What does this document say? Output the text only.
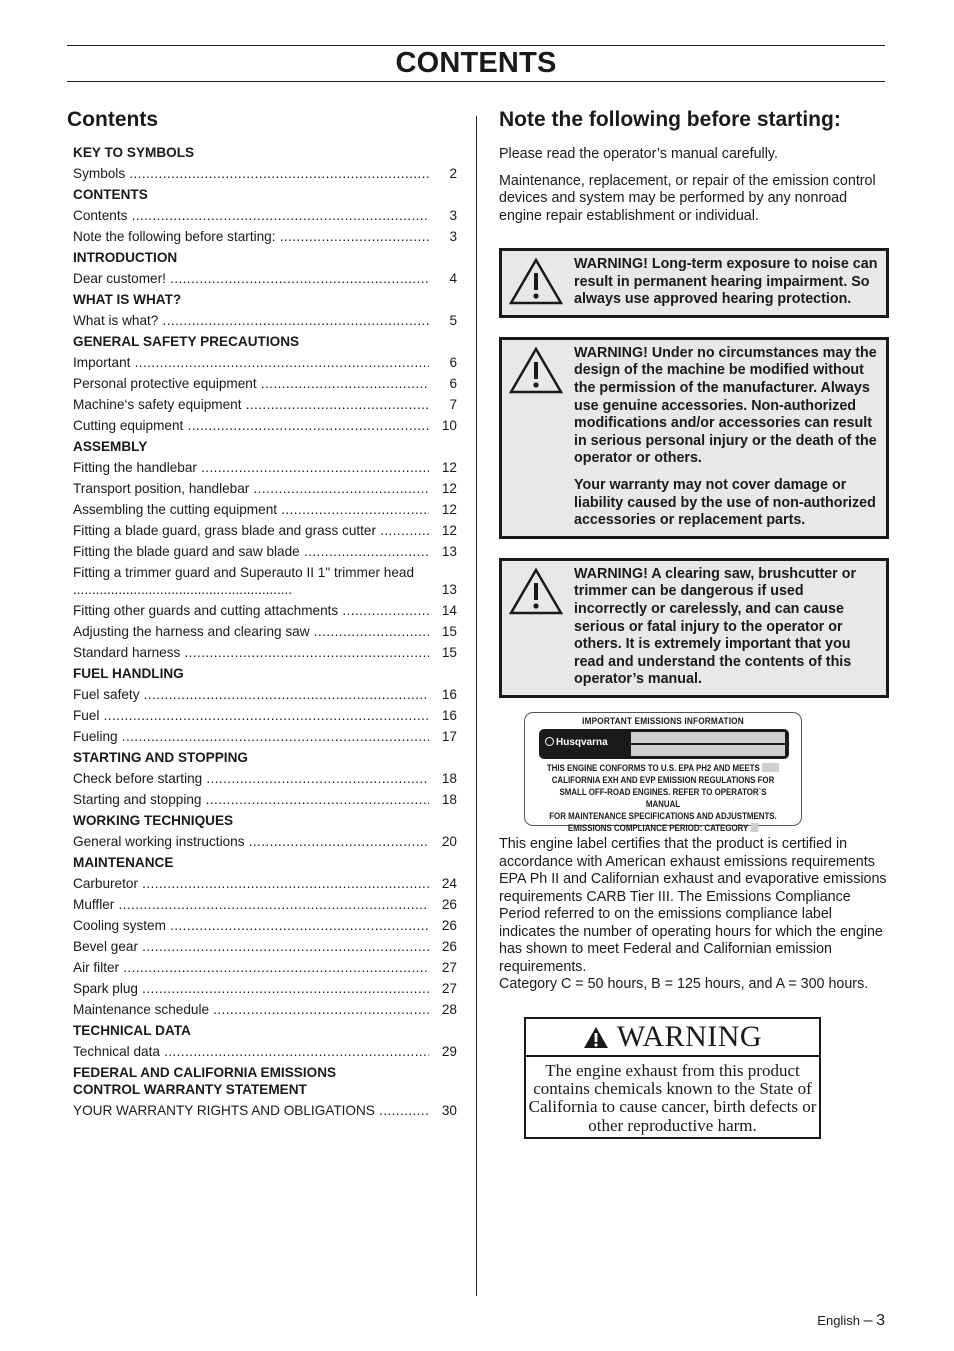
CONTENTS
Contents
KEY TO SYMBOLS
Symbols .....	2
CONTENTS
Contents .....	3
Note the following before starting: .....	3
INTRODUCTION
Dear customer! .....	4
WHAT IS WHAT?
What is what? .....	5
GENERAL SAFETY PRECAUTIONS
Important .....	6
Personal protective equipment .....	6
Machine‘s safety equipment .....	7
Cutting equipment .....	10
ASSEMBLY
Fitting the handlebar .....	12
Transport position, handlebar .....	12
Assembling the cutting equipment .....	12
Fitting a blade guard, grass blade and grass cutter .....	12
Fitting the blade guard and saw blade .....	13
Fitting a trimmer guard and Superauto II 1" trimmer head ..........................................................	13
Fitting other guards and cutting attachments .....	14
Adjusting the harness and clearing saw .....	15
Standard harness .....	15
FUEL HANDLING
Fuel safety .....	16
Fuel .....	16
Fueling .....	17
STARTING AND STOPPING
Check before starting .....	18
Starting and stopping .....	18
WORKING TECHNIQUES
General working instructions .....	20
MAINTENANCE
Carburetor .....	24
Muffler .....	26
Cooling system .....	26
Bevel gear .....	26
Air filter .....	27
Spark plug .....	27
Maintenance schedule .....	28
TECHNICAL DATA
Technical data .....	29
FEDERAL AND CALIFORNIA EMISSIONS CONTROL WARRANTY STATEMENT
YOUR WARRANTY RIGHTS AND OBLIGATIONS .....	30
Note the following before starting:

Please read the operator’s manual carefully.

Maintenance, replacement, or repair of the emission control devices and system may be performed by any nonroad engine repair establishment or individual.

WARNING! Long-term exposure to noise can result in permanent hearing impairment. So always use approved hearing protection.

WARNING! Under no circumstances may the design of the machine be modified without the permission of the manufacturer. Always use genuine accessories. Non-authorized modifications and/or accessories can result in serious personal injury or the death of the operator or others.

Your warranty may not cover damage or liability caused by the use of non-authorized accessories or replacement parts.

WARNING! A clearing saw, brushcutter or trimmer can be dangerous if used incorrectly or carelessly, and can cause serious or fatal injury to the operator or others. It is extremely important that you read and understand the contents of this operator’s manual.

IMPORTANT EMISSIONS INFORMATION
Husqvarna
THIS ENGINE CONFORMS TO U.S. EPA PH2 AND MEETS
CALIFORNIA EXH AND EVP EMISSION REGULATIONS FOR
SMALL OFF-ROAD ENGINES. REFER TO OPERATOR`S MANUAL
FOR MAINTENANCE SPECIFICATIONS AND ADJUSTMENTS.
EMISSIONS COMPLIANCE PERIOD: CATEGORY

This engine label certifies that the product is certified in accordance with American exhaust emissions requirements EPA Ph II and Californian exhaust and evaporative emissions requirements CARB Tier III. The Emissions Compliance Period referred to on the emissions compliance label indicates the number of operating hours for which the engine has shown to meet Federal and Californian emission requirements.

Category C = 50 hours, B = 125 hours, and A = 300 hours.

WARNING
The engine exhaust from this product contains chemicals known to the State of California to cause cancer, birth defects or other reproductive harm.
English – 3
